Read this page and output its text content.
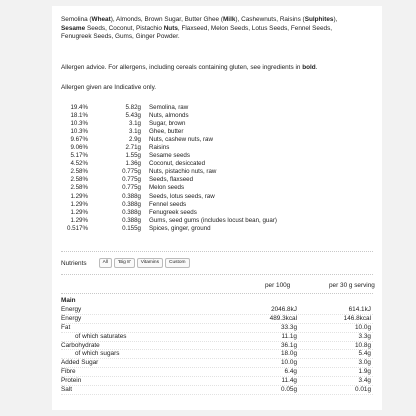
Semolina (Wheat), Almonds, Brown Sugar, Butter Ghee (Milk), Cashewnuts, Raisins (Sulphites),
Sesame Seeds, Coconut, Pistachio Nuts, Flaxseed, Melon Seeds, Lotus Seeds, Fennel Seeds,
Fenugreek Seeds, Gums, Ginger Powder.

Allergen advice. For allergens, including cereals containing gluten, see ingredients in bold.

Allergen given are Indicative only.

19.4%	5.82g	Semolina, raw
18.1%	5.43g	Nuts, almonds
10.3%	3.1g	Sugar, brown
10.3%	3.1g	Ghee, butter
9.67%	2.9g	Nuts, cashew nuts, raw
9.06%	2.71g	Raisins
5.17%	1.55g	Sesame seeds
4.52%	1.36g	Coconut, desiccated
2.58%	0.775g	Nuts, pistachio nuts, raw
2.58%	0.775g	Seeds, flaxseed
2.58%	0.775g	Melon seeds
1.29%	0.388g	Seeds, lotus seeds, raw
1.29%	0.388g	Fennel seeds
1.29%	0.388g	Fenugreek seeds
1.29%	0.388g	Gums, seed gums (includes locust bean, guar)
0.517%	0.155g	Spices, ginger, ground
Nutrients	All	'Big 8'	Vitamins	Custom
per 100g	per 30 g serving
Main
Energy	2046.8kJ	614.1kJ
Energy	489.3kcal	146.8kcal
Fat	33.3g	10.0g
of which saturates	11.1g	3.3g
Carbohydrate	36.1g	10.8g
of which sugars	18.0g	5.4g
Added Sugar	10.0g	3.0g
Fibre	6.4g	1.9g
Protein	11.4g	3.4g
Salt	0.05g	0.01g
